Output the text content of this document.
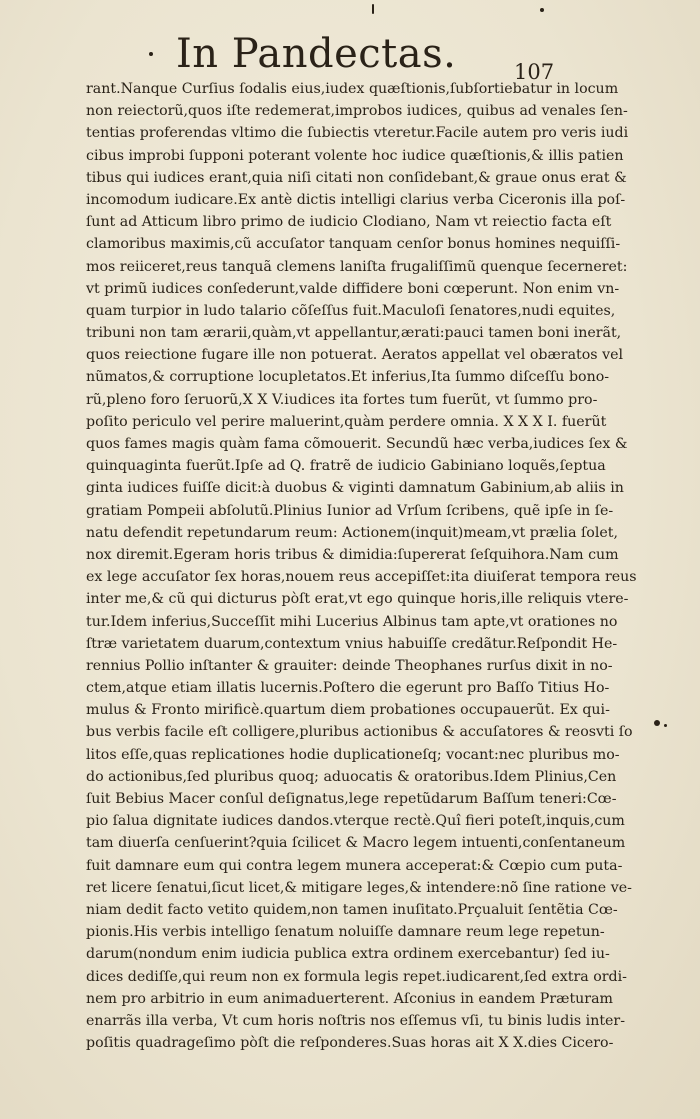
In Pandectas.	107
rant.Nanque Curſius ſodalis eius,iudex quæſtionis,ſubſortiebatur in locum
non reiectorũ,quos iſte redemerat,improbos iudices, quibus ad venales ſen-
tentias proferendas vltimo die ſubiectis vteretur.Facile autem pro veris iudi
cibus improbi ſupponi poterant volente hoc iudice quæſtionis,& illis patien
tibus qui iudices erant,quia niſi citati non conſidebant,& graue onus erat &
incomodum iudicare.Ex antè dictis intelligi clarius verba Ciceronis illa poſ-
ſunt ad Atticum libro primo de iudicio Clodiano, Nam vt reiectio facta eſt
clamoribus maximis,cũ accuſator tanquam cenſor bonus homines nequiſſi-
mos reiiceret,reus tanquã clemens laniſta frugaliſſimũ quenque ſecerneret:
vt primũ iudices conſederunt,valde diffidere boni cœperunt. Non enim vn-
quam turpior in ludo talario cõſeſſus fuit.Maculoſi ſenatores,nudi equites,
tribuni non tam ærarii,quàm,vt appellantur,ærati:pauci tamen boni inerãt,
quos reiectione fugare ille non potuerat. Aeratos appellat vel obæratos vel
nũmatos,& corruptione locupletatos.Et inferius,Ita ſummo diſceſſu bono-
rũ,pleno foro ſeruorũ,X X V.iudices ita fortes tum fuerũt, vt ſummo pro-
poſito periculo vel perire maluerint,quàm perdere omnia. X X X I. fuerũt
quos fames magis quàm fama cõmouerit. Secundũ hæc verba,iudices ſex &
quinquaginta fuerũt.Ipſe ad Q. fratrẽ de iudicio Gabiniano loquẽs,ſeptua
ginta iudices fuiſſe dicit:à duobus & viginti damnatum Gabinium,ab aliis in
gratiam Pompeii abſolutũ.Plinius Iunior ad Vrſum ſcribens, quẽ ipſe in ſe-
natu defendit repetundarum reum: Actionem(inquit)meam,vt prælia ſolet,
nox diremit.Egeram horis tribus & dimidia:ſupererat ſeſquihora.Nam cum
ex lege accuſator ſex horas,nouem reus accepiſſet:ita diuiſerat tempora reus
inter me,& cũ qui dicturus pòſt erat,vt ego quinque horis,ille reliquis vtere-
tur.Idem inferius,Succeſſit mihi Lucerius Albinus tam apte,vt orationes no
ſtræ varietatem duarum,contextum vnius habuiſſe credãtur.Reſpondit He-
rennius Pollio inſtanter & grauiter: deinde Theophanes rurſus dixit in no-
ctem,atque etiam illatis lucernis.Poſtero die egerunt pro Baſſo Titius Ho-
mulus & Fronto mirificè.quartum diem probationes occupauerũt. Ex qui-
bus verbis facile eſt colligere,pluribus actionibus & accuſatores & reosvti ſo
litos eſſe,quas replicationes hodie duplicationeſq; vocant:nec pluribus mo-
do actionibus,ſed pluribus quoq; aduocatis & oratoribus.Idem Plinius,Cen
ſuit Bebius Macer conſul deſignatus,lege repetũdarum Baſſum teneri:Cœ-
pio ſalua dignitate iudices dandos.vterque rectè.Quî fieri poteſt,inquis,cum
tam diuerſa cenſuerint?quia ſcilicet & Macro legem intuenti,conſentaneum
fuit damnare eum qui contra legem munera acceperat:& Cœpio cum puta-
ret licere ſenatui,ſicut licet,& mitigare leges,& intendere:nõ ſine ratione ve-
niam dedit facto vetito quidem,non tamen inuſitato.Prçualuit ſentẽtia Cœ-
pionis.His verbis intelligo ſenatum noluiſſe damnare reum lege repetun-
darum(nondum enim iudicia publica extra ordinem exercebantur) ſed iu-
dices dediſſe,qui reum non ex formula legis repet.iudicarent,ſed extra ordi-
nem pro arbitrio in eum animaduerterent. Aſconius in eandem Præturam
enarrãs illa verba, Vt cum horis noſtris nos eſſemus vſi, tu binis ludis inter-
poſitis quadrageſimo pòſt die reſponderes.Suas horas ait X X.dies Cicero-
